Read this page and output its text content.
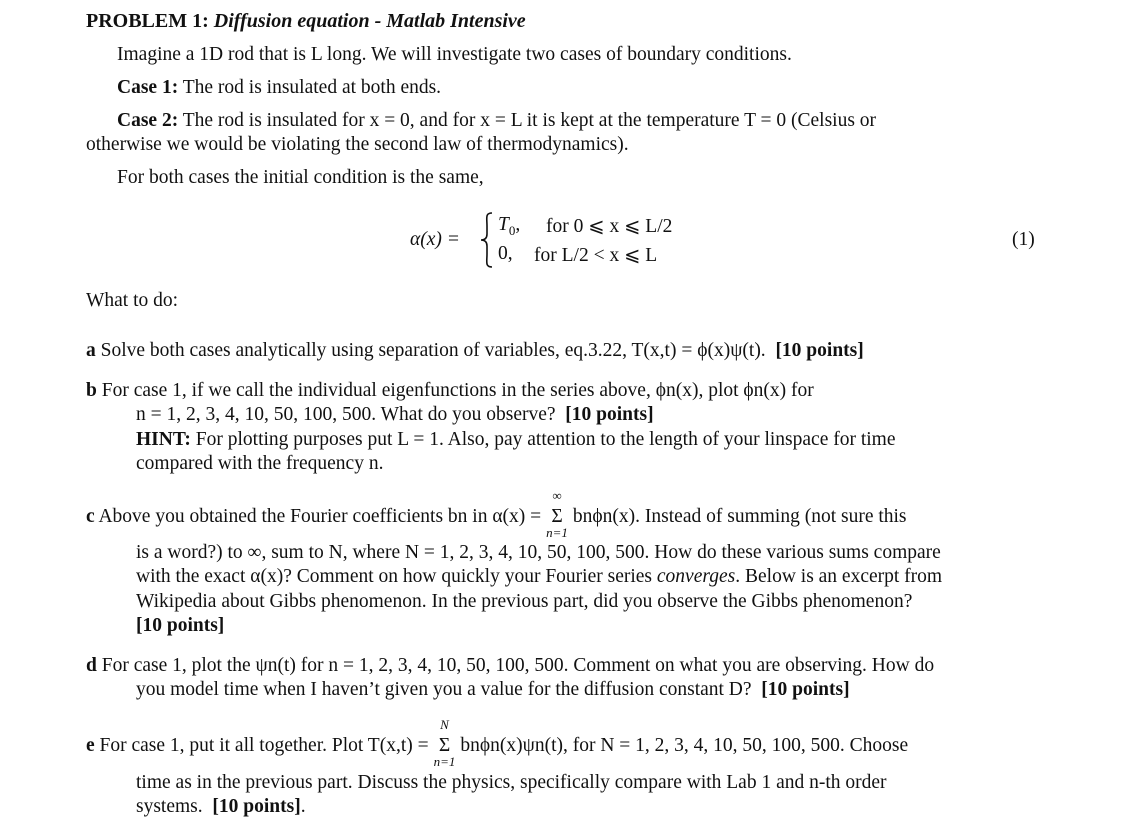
PROBLEM 1: Diffusion equation - Matlab Intensive
Imagine a 1D rod that is L long. We will investigate two cases of boundary conditions.
Case 1: The rod is insulated at both ends.
Case 2: The rod is insulated for x = 0, and for x = L it is kept at the temperature T = 0 (Celsius or
otherwise we would be violating the second law of thermodynamics).
For both cases the initial condition is the same,
α(x) =
$T_0$, for 0 ⩽ x ⩽ L/2
0, for L/2 < x ⩽ L
(1)
What to do:
a Solve both cases analytically using separation of variables, eq.3.22, T(x,t) = ϕ(x)ψ(t). [10 points]
b For case 1, if we call the individual eigenfunctions in the series above, ϕn(x), plot ϕn(x) for
n = 1, 2, 3, 4, 10, 50, 100, 500. What do you observe? [10 points]
HINT: For plotting purposes put L = 1. Also, pay attention to the length of your linspace for time
compared with the frequency n.
c Above you obtained the Fourier coefficients bn in α(x) = Σ
∞
n=1
bnϕn(x). Instead of summing (not sure this
is a word?) to ∞, sum to N, where N = 1, 2, 3, 4, 10, 50, 100, 500. How do these various sums compare
with the exact α(x)? Comment on how quickly your Fourier series converges. Below is an excerpt from
Wikipedia about Gibbs phenomenon. In the previous part, did you observe the Gibbs phenomenon?
[10 points]
d For case 1, plot the ψn(t) for n = 1, 2, 3, 4, 10, 50, 100, 500. Comment on what you are observing. How do
you model time when I haven’t given you a value for the diffusion constant D? [10 points]
e For case 1, put it all together. Plot T(x,t) = Σ
N
n=1
bnϕn(x)ψn(t), for N = 1, 2, 3, 4, 10, 50, 100, 500. Choose
time as in the previous part. Discuss the physics, specifically compare with Lab 1 and n-th order
systems. [10 points].
